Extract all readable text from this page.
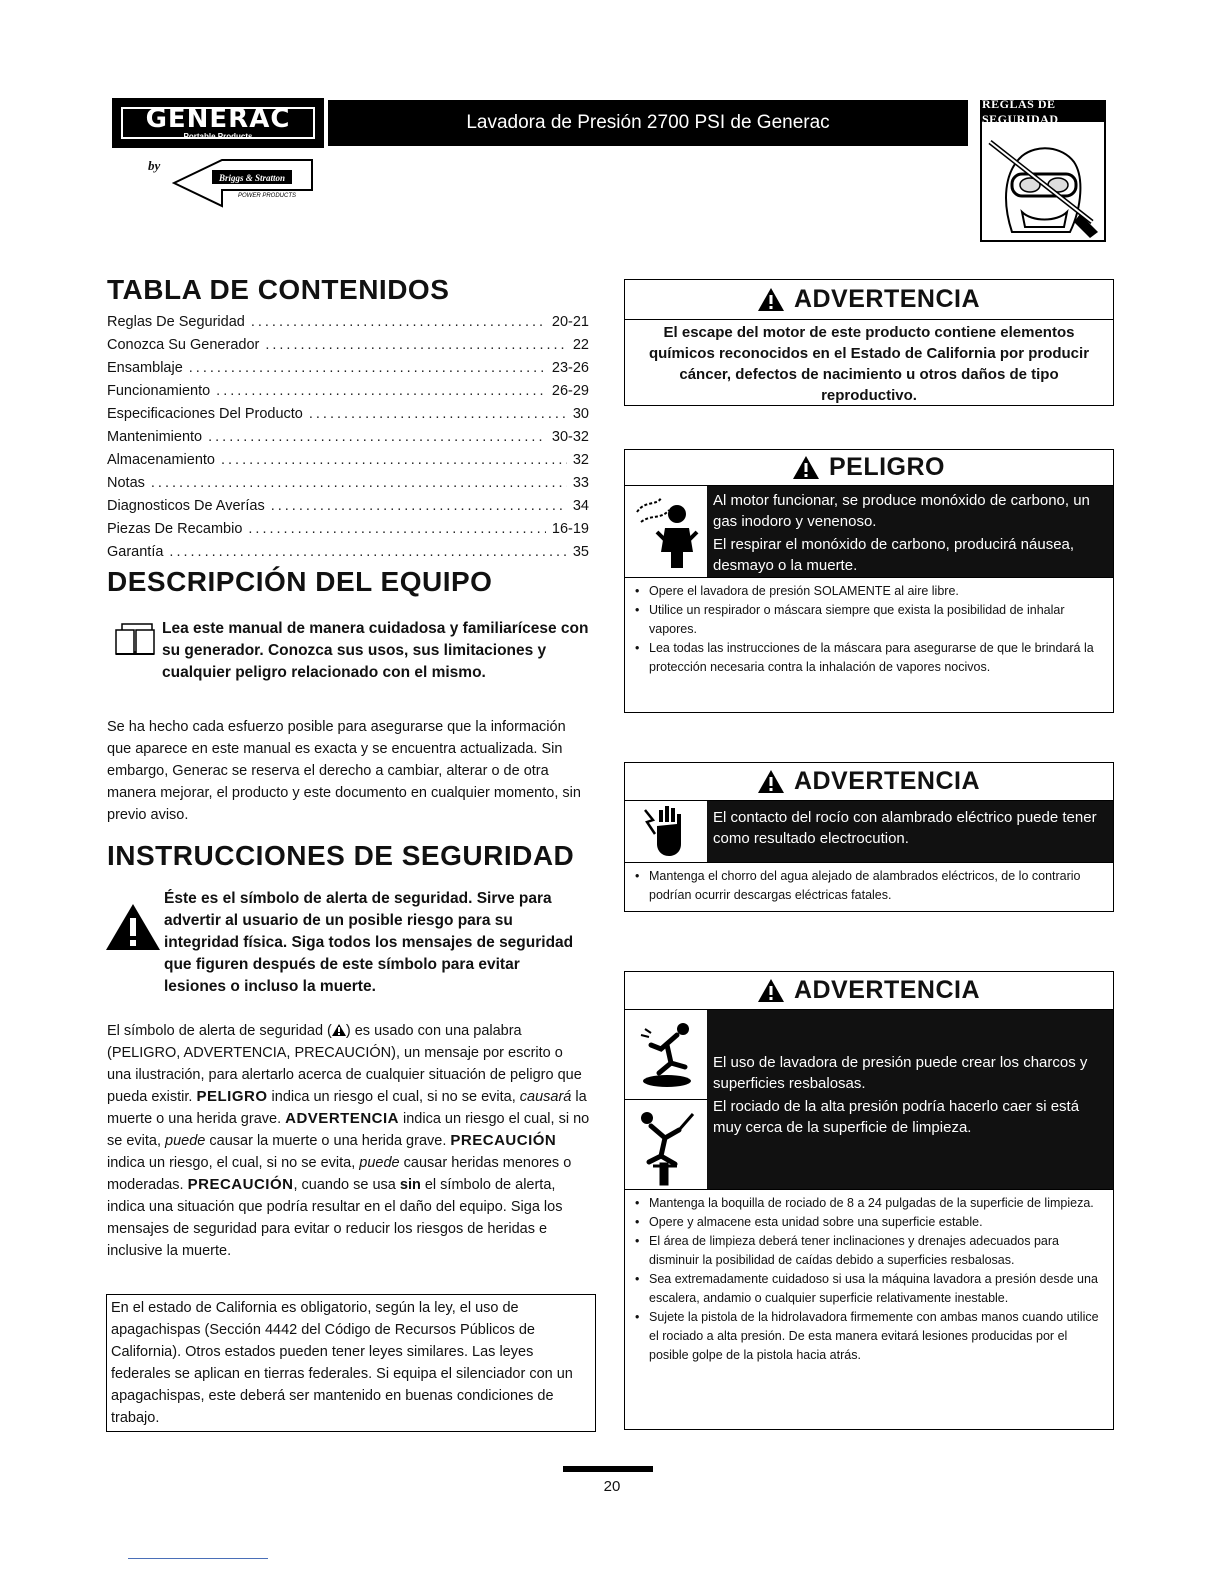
GENERAC
Portable Products
by
Briggs & Stratton
POWER PRODUCTS
Lavadora de Presión 2700 PSI de Generac
REGLAS DE SEGURIDAD
TABLA DE CONTENIDOS
Reglas De Seguridad .....	20-21
Conozca Su Generador .....	22
Ensamblaje .....	23-26
Funcionamiento .....	26-29
Especificaciones Del Producto .....	30
Mantenimiento .....	30-32
Almacenamiento .....	32
Notas .....	33
Diagnosticos De Averías .....	34
Piezas De Recambio .....	16-19
Garantía .....	35
DESCRIPCIÓN DEL EQUIPO
Lea este manual de manera cuidadosa y familiarícese con su generador. Conozca sus usos, sus limitaciones y cualquier peligro relacionado con el mismo.
Se ha hecho cada esfuerzo posible para asegurarse que la información que aparece en este manual es exacta y se encuentra actualizada. Sin embargo, Generac se reserva el derecho a cambiar, alterar o de otra manera mejorar, el producto y este documento en cualquier momento, sin previo aviso.
INSTRUCCIONES DE SEGURIDAD
Éste es el símbolo de alerta de seguridad. Sirve para advertir al usuario de un posible riesgo para su integridad física. Siga todos los mensajes de seguridad que figuren después de este símbolo para evitar lesiones o incluso la muerte.
El símbolo de alerta de seguridad ( ) es usado con una palabra (PELIGRO, ADVERTENCIA, PRECAUCIÓN), un mensaje por escrito o una ilustración, para alertarlo acerca de cualquier situación de peligro que pueda existir. PELIGRO indica un riesgo el cual, si no se evita, causará la muerte o una herida grave. ADVERTENCIA indica un riesgo el cual, si no se evita, puede causar la muerte o una herida grave. PRECAUCIÓN indica un riesgo, el cual, si no se evita, puede causar heridas menores o moderadas. PRECAUCIÓN, cuando se usa sin el símbolo de alerta, indica una situación que podría resultar en el daño del equipo. Siga los mensajes de seguridad para evitar o reducir los riesgos de heridas e inclusive la muerte.
En el estado de California es obligatorio, según la ley, el uso de apagachispas (Sección 4442 del Código de Recursos Públicos de California). Otros estados pueden tener leyes similares. Las leyes federales se aplican en tierras federales. Si equipa el silenciador con un apagachispas, este deberá ser mantenido en buenas condiciones de trabajo.
ADVERTENCIA
El escape del motor de este producto contiene elementos químicos reconocidos en el Estado de California por producir cáncer, defectos de nacimiento u otros daños de tipo reproductivo.
PELIGRO
Al motor funcionar, se produce monóxido de carbono, un gas inodoro y venenoso.
El respirar el monóxido de carbono, producirá náusea, desmayo o la muerte.
• Opere el lavadora de presión SOLAMENTE al aire libre.
• Utilice un respirador o máscara siempre que exista la posibilidad de inhalar vapores.
• Lea todas las instrucciones de la máscara para asegurarse de que le brindará la protección necesaria contra la inhalación de vapores nocivos.
ADVERTENCIA
El contacto del rocío con alambrado eléctrico puede tener como resultado electrocution.
• Mantenga el chorro del agua alejado de alambrados eléctricos, de lo contrario podrían ocurrir descargas eléctricas fatales.
ADVERTENCIA
El uso de lavadora de presión puede crear los charcos y superficies resbalosas.
El rociado de la alta presión podría hacerlo caer si está muy cerca de la superficie de limpieza.
• Mantenga la boquilla de rociado de 8 a 24 pulgadas de la superficie de limpieza.
• Opere y almacene esta unidad sobre una superficie estable.
• El área de limpieza deberá tener inclinaciones y drenajes adecuados para disminuir la posibilidad de caídas debido a superficies resbalosas.
• Sea extremadamente cuidadoso si usa la máquina lavadora a presión desde una escalera, andamio o cualquier superficie relativamente inestable.
• Sujete la pistola de la hidrolavadora firmemente con ambas manos cuando utilice el rociado a alta presión. De esta manera evitará lesiones producidas por el posible golpe de la pistola hacia atrás.
20
